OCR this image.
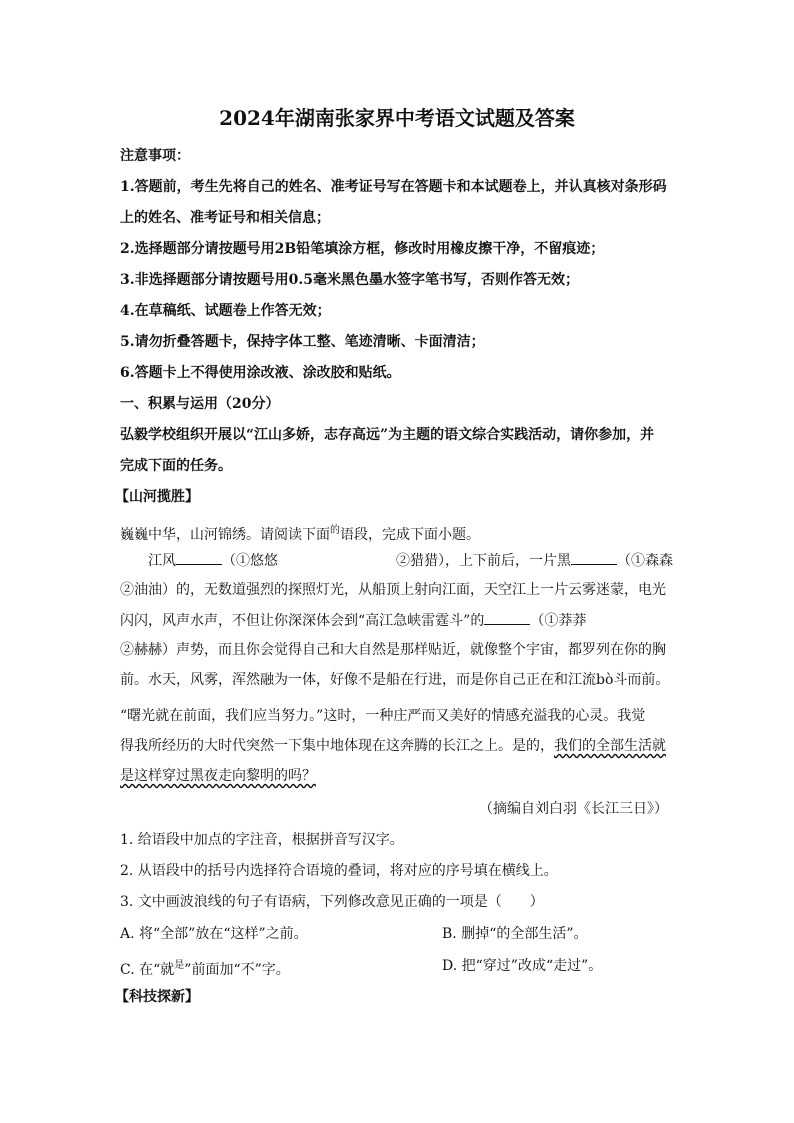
2024年湖南张家界中考语文试题及答案
注意事项：
1.答题前，考生先将自己的姓名、准考证号写在答题卡和本试题卷上，并认真核对条形码
上的姓名、准考证号和相关信息；
2.选择题部分请按题号用2B铅笔填涂方框，修改时用橡皮擦干净，不留痕迹；
3.非选择题部分请按题号用0.5毫米黑色墨水签字笔书写，否则作答无效；
4.在草稿纸、试题卷上作答无效；
5.请勿折叠答题卡，保持字体工整、笔迹清晰、卡面清洁；
6.答题卡上不得使用涂改液、涂改胶和贴纸。
一、积累与运用（20分）
弘毅学校组织开展以“江山多娇，志存高远”为主题的语文综合实践活动，请你参加，并
完成下面的任务。
【山河揽胜】
巍巍中华，山河锦绣。请阅读下面$^的$语段，完成下面小题。
江风	（①悠悠	②猎猎），上下前后，一片黑	（①森森
②油油）的，无数道强烈的探照灯光，从船顶上射向江面，天空江上一片云雾迷蒙，电光
闪闪，风声水声，不但让你深深体会到“高江急峡雷霆斗”的	（①莽莽
②赫赫）声势，而且你会觉得自己和大自然是那样贴近，就像整个宇宙，都罗列在你的胸
前。水天，风雾，浑然融为一体，好像不是船在行进，而是你自己正在和江流bò斗而前。
“曙光就在前面，我们应当努力。”这时，一种庄严而又美好的情感充溢我的心灵。我觉
得我所经历的大时代突然一下集中地体现在这奔腾的长江之上。是的，我们的全部生活就
是这样穿过黑夜走向黎明的吗？
（摘编自刘白羽《长江三日》）
1. 给语段中加点的字注音，根据拼音写汉字。
2. 从语段中的括号内选择符合语境的叠词，将对应的序号填在横线上。
3. 文中画波浪线的句子有语病，下列修改意见正确的一项是（　　）
A. 将“全部”放在“这样”之前。	B. 删掉“的全部生活”。
C. 在“就$^是$”前面加“不”字。	D. 把“穿过”改成“走过”。
【科技探新】
